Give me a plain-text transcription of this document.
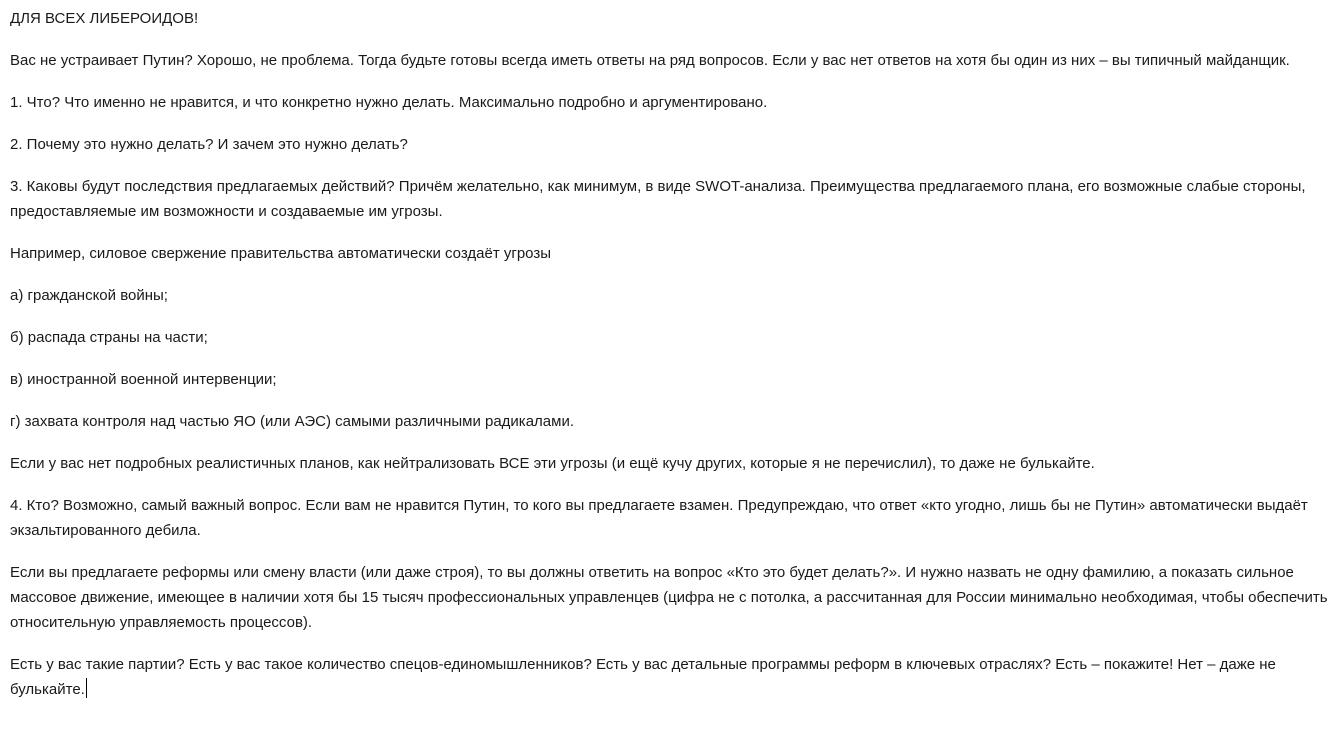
ДЛЯ ВСЕХ ЛИБЕРОИДОВ!

Вас не устраивает Путин? Хорошо, не проблема. Тогда будьте готовы всегда иметь ответы на ряд вопросов. Если у вас нет ответов на хотя бы один из них – вы типичный майданщик.

1. Что? Что именно не нравится, и что конкретно нужно делать. Максимально подробно и аргументировано.

2. Почему это нужно делать? И зачем это нужно делать?

3. Каковы будут последствия предлагаемых действий? Причём желательно, как минимум, в виде SWOT-анализа. Преимущества предлагаемого плана, его возможные слабые стороны, предоставляемые им возможности и создаваемые им угрозы.

Например, силовое свержение правительства автоматически создаёт угрозы

а) гражданской войны;

б) распада страны на части;

в) иностранной военной интервенции;

г) захвата контроля над частью ЯО (или АЭС) самыми различными радикалами.

Если у вас нет подробных реалистичных планов, как нейтрализовать ВСЕ эти угрозы (и ещё кучу других, которые я не перечислил), то даже не булькайте.

4. Кто? Возможно, самый важный вопрос. Если вам не нравится Путин, то кого вы предлагаете взамен. Предупреждаю, что ответ «кто угодно, лишь бы не Путин» автоматически выдаёт экзальтированного дебила.

Если вы предлагаете реформы или смену власти (или даже строя), то вы должны ответить на вопрос «Кто это будет делать?». И нужно назвать не одну фамилию, а показать сильное массовое движение, имеющее в наличии хотя бы 15 тысяч профессиональных управленцев (цифра не с потолка, а рассчитанная для России минимально необходимая, чтобы обеспечить относительную управляемость процессов).

Есть у вас такие партии? Есть у вас такое количество спецов-единомышленников? Есть у вас детальные программы реформ в ключевых отраслях? Есть – покажите! Нет – даже не булькайте.
